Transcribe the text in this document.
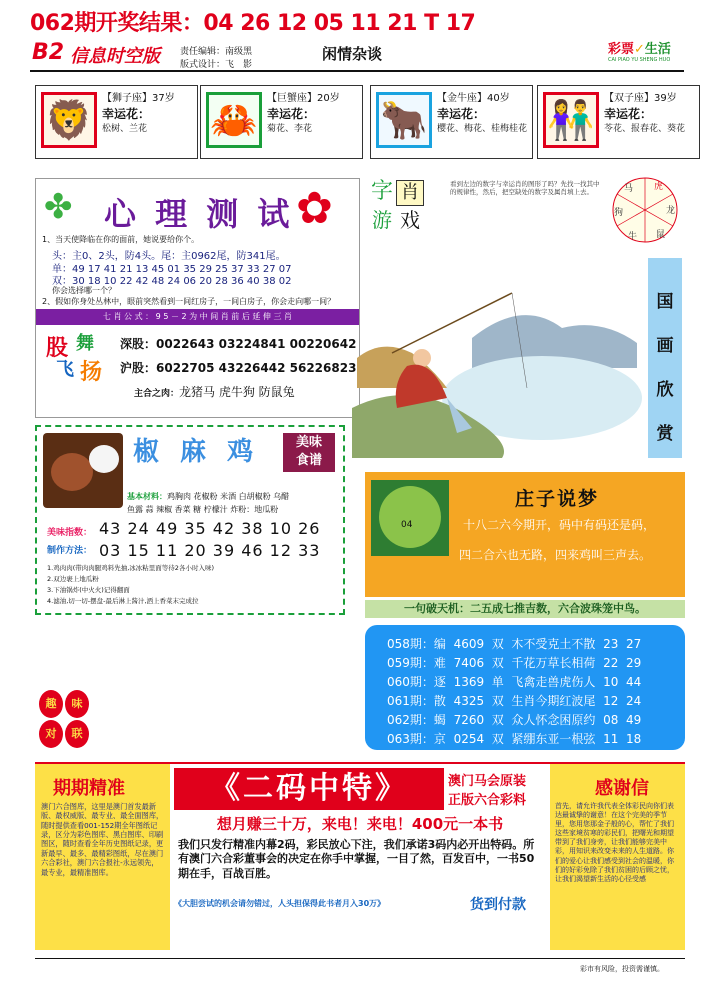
062期开奖结果：04 26 12 05 11 21 T 17
B2 信息时空版 责任编辑：南级黑
版式设计：飞　影
闲情杂谈	彩票✓生活
CAI PIAO YU SHENG HUO
🦁 【狮子座】37岁
幸运花：
松树、兰花	🦀 【巨蟹座】20岁
幸运花：
菊花、李花	🐂 【金牛座】40岁
幸运花：
樱花、梅花、桂梅桂花 👫 【双子座】39岁
幸运花：
苓花、报春花、葵花
✤	✿
心 理 测 试
1、当天使降临在你的面前，她说要给你个。
头：主0、2头，防4头。尾：主0962尾，防341尾。
单：49 17 41 21 13 45 01 35 29 25 37 33 27 07
双：30 18 10 22 42 48 24 06 20 28 36 40 38 02
你会选择哪一个？
2、假如你身处丛林中，眼前突然看到一间红房子，一间白房子，你会走向哪一间？
七 肖 公 式 ： 9 5 － 2 为 中 间 肖 前 后 延 伸 三 肖
股 舞
飞 扬
深股：0022643 03224841 00220642
沪股：6022705 43226442 56226823
主合之肉：龙猪马 虎牛狗 防鼠兔
字 肖
游 戏
看到左边的数字与幸运肖的图形了吗？先找一找其中的规律性，然后，把空缺处的数字及属肖填上去。	马 虎
龙
鼠
牛
狗
国
画
欣
赏
椒 麻 鸡	美味
食谱
基本材料：鸡胸肉 花椒粉 米酒 白胡椒粉 乌醋
鱼露 蒜 辣椒 香菜 糖 柠檬汁 炸粉：地瓜粉
美味指数： 43 24 49 35 42 38 10 26
制作方法： 03 15 11 20 39 46 12 33
1.鸡肉肉(带肉肉腿鸡料先抽,冰冰粘里面等待2各小时入味)
2.双边裹上地瓜粉
3.下油锅炸(中火火)记得翻面
4.滤油,切一切-摆盘-最后淋上酱汁,洒上香菜末完成拉
04
庄子说梦
十八二六今期开，码中有码还是码，
四二合六也无路，四来鸡叫三声去。
一句破天机：二五成七推吉数，六合波珠笼中鸟。
058期：编 4609 双 木不受克土不散 23 27
059期：难 7406 双 千花万草长相荷 22 29
060期：逐 1369 单 飞禽走兽虎伤人 10 44
061期：散 4325 双 生肖今期红波尾 12 24
062期：蝎 7260 双 众人怀念困原约 08 49
063期：京 0254 双 紧绷东亚一根弦 11 18
趣	味
对	联
期期精准
澳门六合图库，这里是澳门首发最新版、最权威版、最专业、最全面图库，随时提供查看001-152期全年图纸记录，区分为彩色图库、黑白图库、印刷图区，随时查看全年历史图纸记录，更新最早、最多、最精彩图纸，尽在澳门六合彩社，澳门六合报社-永远领先，最专业，最精准图库。
《二码中特》	澳门马会原装
正版六合彩料
想月赚三十万，来电！来电！400元一本书
我们只发行精准内幕2码，彩民放心下注，我们承诺3码内必开出特码。所有澳门六合彩董事会的决定在你手中掌握，一目了然，百发百中，一书50期在手，百战百胜。
《大胆尝试的机会请勿错过，人头担保得此书者月入30万》	货到付款
感谢信
首先，请允许我代表全体彩民向你们表达最诚挚的谢意！在这个完美的季节里，您用您那金子般的心，帮忙了我们这些家境贫寒的彩民们，把曙光和期望带到了我们身旁，让我们能够完美中彩，用知识来改变未来的人生道路。你们的爱心让我们感受到社会的温暖，你们的好彩免除了我们贫困的后顾之忧，让我们渴望新生活的心径受感
彩市有风险，投资需谨慎。
